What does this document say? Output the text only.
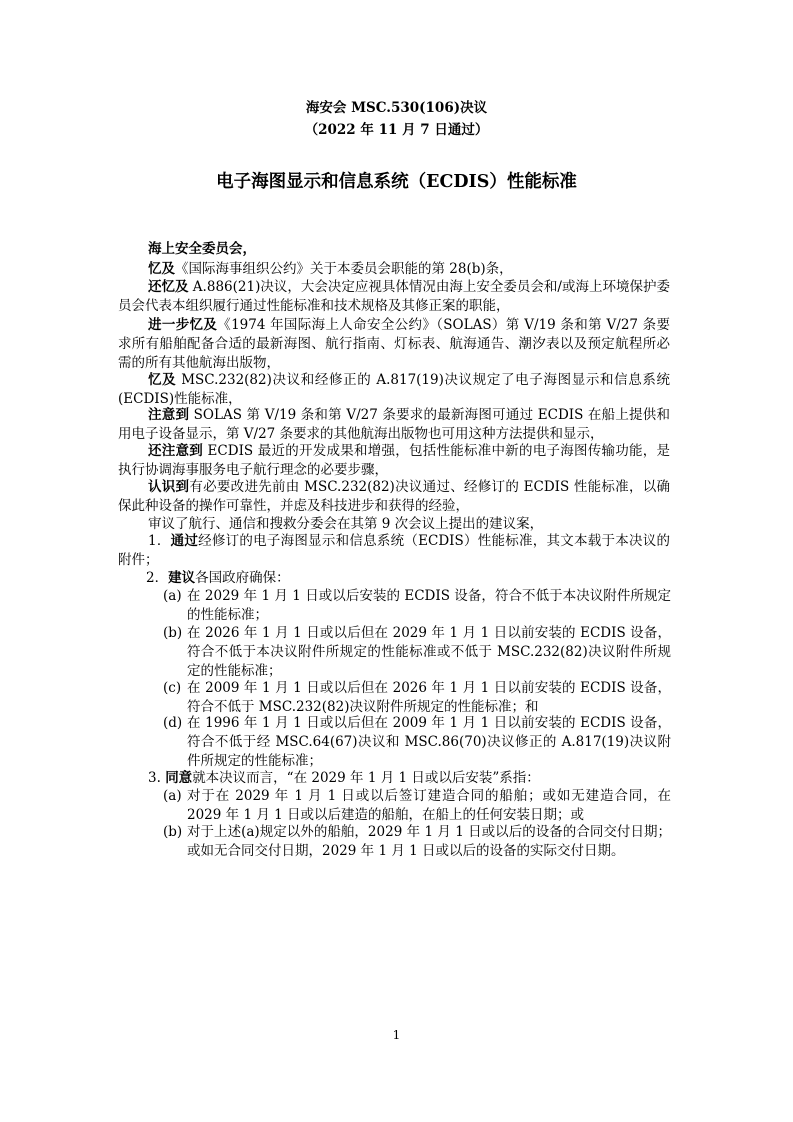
海安会 MSC.530(106)决议
（2022 年 11 月 7 日通过）
电子海图显示和信息系统（ECDIS）性能标准
海上安全委员会，
忆及《国际海事组织公约》关于本委员会职能的第 28(b)条，
还忆及 A.886(21)决议，大会决定应视具体情况由海上安全委员会和/或海上环境保护委员会代表本组织履行通过性能标准和技术规格及其修正案的职能，
进一步忆及《1974 年国际海上人命安全公约》（SOLAS）第 V/19 条和第 V/27 条要求所有船舶配备合适的最新海图、航行指南、灯标表、航海通告、潮汐表以及预定航程所必需的所有其他航海出版物，
忆及 MSC.232(82)决议和经修正的 A.817(19)决议规定了电子海图显示和信息系统(ECDIS)性能标准，
注意到 SOLAS 第 V/19 条和第 V/27 条要求的最新海图可通过 ECDIS 在船上提供和用电子设备显示，第 V/27 条要求的其他航海出版物也可用这种方法提供和显示，
还注意到 ECDIS 最近的开发成果和增强，包括性能标准中新的电子海图传输功能，是执行协调海事服务电子航行理念的必要步骤，
认识到有必要改进先前由 MSC.232(82)决议通过、经修订的 ECDIS 性能标准，以确保此种设备的操作可靠性，并虑及科技进步和获得的经验，
审议了航行、通信和搜救分委会在其第 9 次会议上提出的建议案，
1．通过经修订的电子海图显示和信息系统（ECDIS）性能标准，其文本载于本决议的附件；
2．建议各国政府确保：
(a) 在 2029 年 1 月 1 日或以后安装的 ECDIS 设备，符合不低于本决议附件所规定的性能标准；
(b) 在 2026 年 1 月 1 日或以后但在 2029 年 1 月 1 日以前安装的 ECDIS 设备，符合不低于本决议附件所规定的性能标准或不低于 MSC.232(82)决议附件所规定的性能标准；
(c) 在 2009 年 1 月 1 日或以后但在 2026 年 1 月 1 日以前安装的 ECDIS 设备，符合不低于 MSC.232(82)决议附件所规定的性能标准；和
(d) 在 1996 年 1 月 1 日或以后但在 2009 年 1 月 1 日以前安装的 ECDIS 设备，符合不低于经 MSC.64(67)决议和 MSC.86(70)决议修正的 A.817(19)决议附件所规定的性能标准；
3. 同意就本决议而言，“在 2029 年 1 月 1 日或以后安装”系指：
(a) 对于在 2029 年 1 月 1 日或以后签订建造合同的船舶；或如无建造合同，在 2029 年 1 月 1 日或以后建造的船舶，在船上的任何安装日期；或
(b) 对于上述(a)规定以外的船舶，2029 年 1 月 1 日或以后的设备的合同交付日期；或如无合同交付日期，2029 年 1 月 1 日或以后的设备的实际交付日期。
1
